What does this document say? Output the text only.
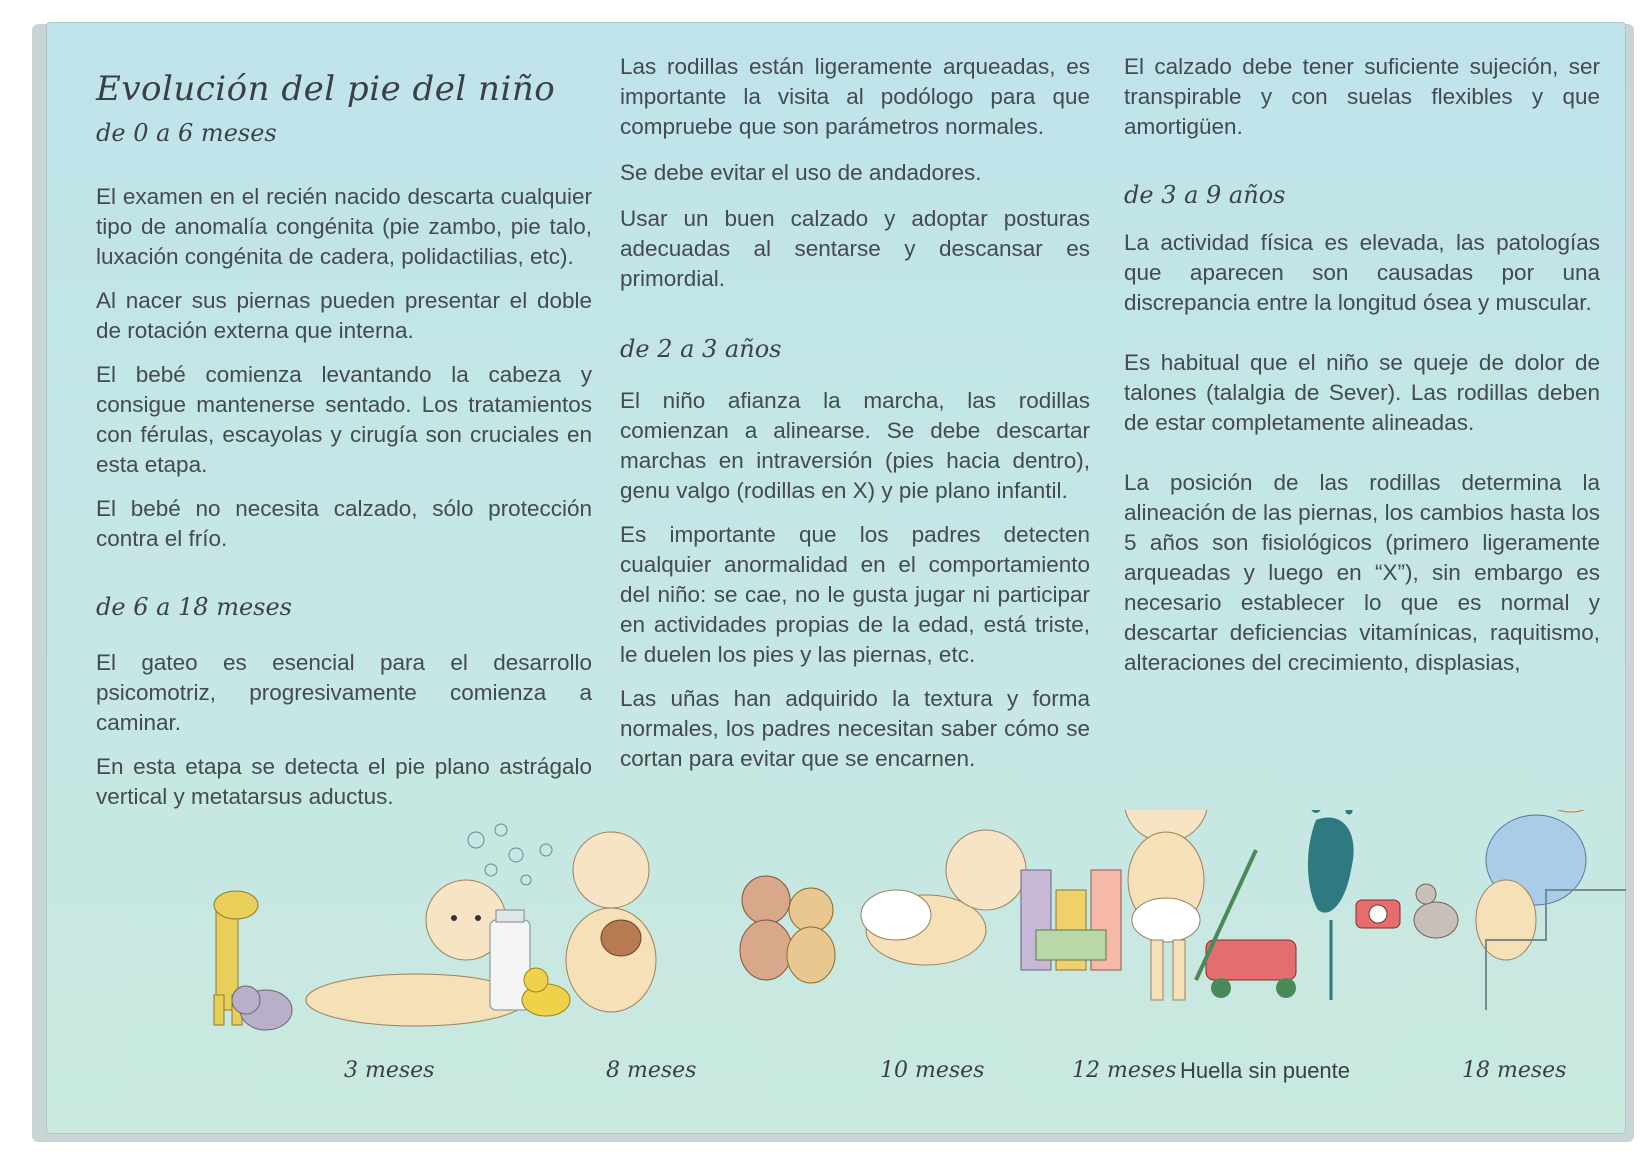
Evolución del pie del niño

de 0 a 6 meses

El examen en el recién nacido descarta cualquier tipo de anomalía congénita (pie zambo, pie talo, luxación congénita de cadera, polidactilias, etc).

Al nacer sus piernas pueden presentar el doble de rotación externa que interna.

El bebé comienza levantando la cabeza y consigue mantenerse sentado. Los tratamientos con férulas, escayolas y cirugía son cruciales en esta etapa.

El bebé no necesita calzado, sólo protección contra el frío.

de 6 a 18 meses

El gateo es esencial para el desarrollo psicomotriz, progresivamente comienza a caminar.

En esta etapa se detecta el pie plano astrágalo vertical y metatarsus aductus.

Las rodillas están ligeramente arqueadas, es importante la visita al podólogo para que compruebe que son parámetros normales.

Se debe evitar el uso de andadores.

Usar un buen calzado y adoptar posturas adecuadas al sentarse y descansar es primordial.

de 2 a 3 años

El niño afianza la marcha, las rodillas comienzan a alinearse. Se debe descartar marchas en intraversión (pies hacia dentro), genu valgo (rodillas en X) y pie plano infantil.

Es importante que los padres detecten cualquier anormalidad en el comportamiento del niño: se cae, no le gusta jugar ni participar en actividades propias de la edad, está triste, le duelen los pies y las piernas, etc.

Las uñas han adquirido la textura y forma normales, los padres necesitan saber cómo se cortan para evitar que se encarnen.

El calzado debe tener suficiente sujeción, ser transpirable y con suelas flexibles y que amortigüen.

de 3 a 9 años

La actividad física es elevada, las patologías que aparecen son causadas por una discrepancia entre la longitud ósea y muscular.

Es habitual que el niño se queje de dolor de talones (talalgia de Sever). Las rodillas deben de estar completamente alineadas.

La posición de las rodillas determina la alineación de las piernas, los cambios hasta los 5 años son fisiológicos (primero ligeramente arqueadas y luego en “X”), sin embargo es necesario establecer lo que es normal y descartar deficiencias vitamínicas, raquitismo, alteraciones del crecimiento, displasias,

3 meses	8 meses	10 meses	12 meses Huella sin puente	18 meses
